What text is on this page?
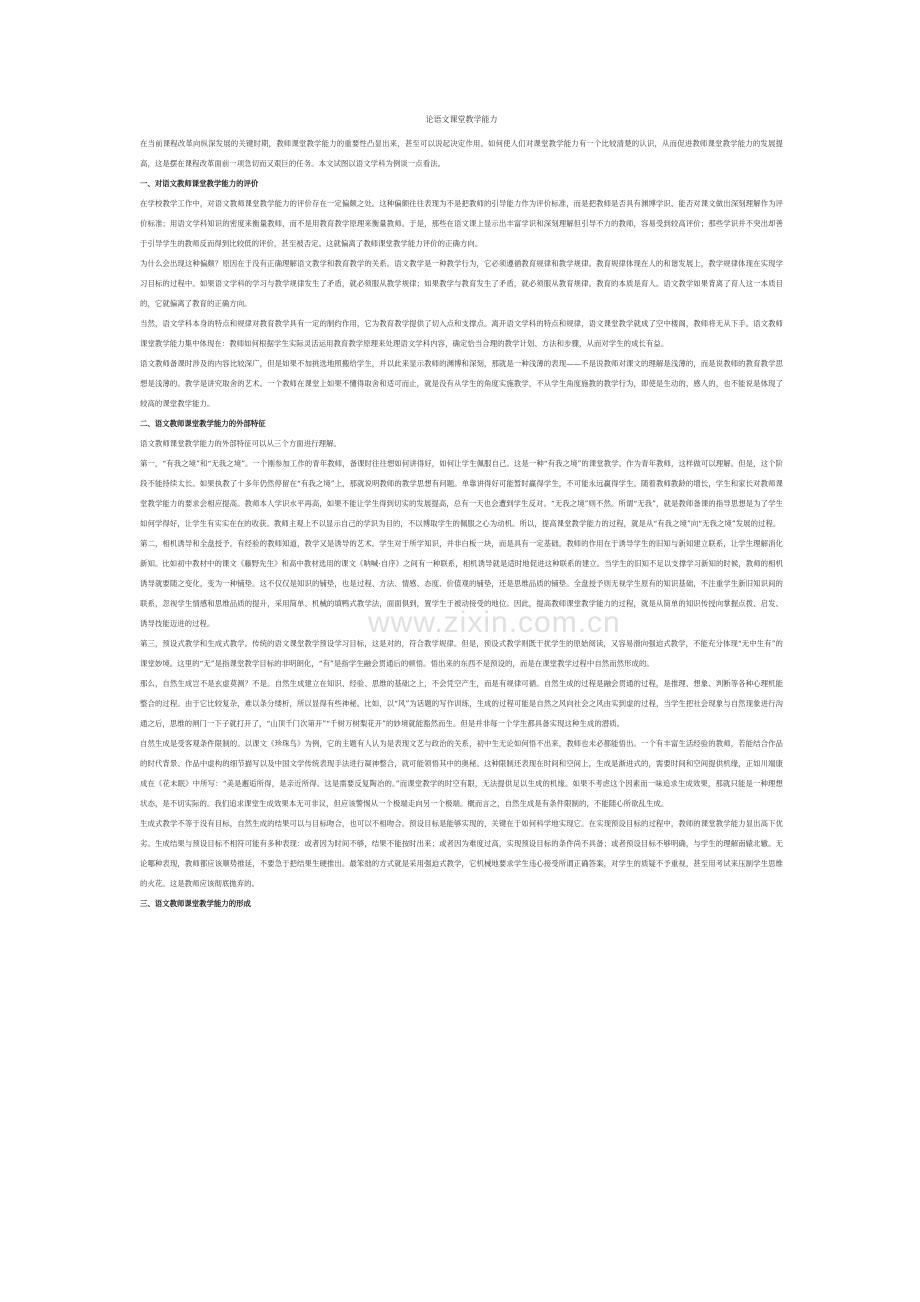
论语文课堂教学能力

在当前课程改革向纵深发展的关键时期，教师课堂教学能力的重要性凸显出来，甚至可以说起决定作用。如何使人们对课堂教学能力有一个比较清楚的认识，从而促进教师课堂教学能力的发展提高，这是摆在课程改革面前一项急切而又艰巨的任务。本文试图以语文学科为例谈一点看法。

一、对语文教师课堂教学能力的评价

在学校教学工作中，对语文教师课堂教学能力的评价存在一定偏颇之处。这种偏颇往往表现为不是把教师的引导能力作为评价标准，而是把教师是否具有渊博学识、能否对课文做出深刻理解作为评价标准；用语文学科知识的密度来衡量教师，而不是用教育教学原理来衡量教师。于是，那些在语文课上显示出丰富学识和深刻理解但引导不力的教师，容易受到较高评价；那些学识并不突出却善于引导学生的教师反而得到比较低的评价，甚至被否定。这就偏离了教师课堂教学能力评价的正确方向。

为什么会出现这种偏颇？原因在于没有正确理解语文教学和教育教学的关系。语文教学是一种教学行为，它必须遵循教育规律和教学规律。教育规律体现在人的和谐发展上，教学规律体现在实现学习目标的过程中。如果语文学科的学习与教学规律发生了矛盾，就必须服从教学规律；如果教学与教育发生了矛盾，就必须服从教育规律。教育的本质是育人。语文教学如果背离了育人这一本质目的，它就偏离了教育的正确方向。

当然，语文学科本身的特点和规律对教育教学具有一定的制约作用，它为教育教学提供了切入点和支撑点。离开语文学科的特点和规律，语文课堂教学就成了空中楼阁，教师将无从下手。语文教师课堂教学能力集中体现在：教师如何根据学生实际灵活运用教育教学原理来处理语文学科内容，确定恰当合理的教学计划、方法和步骤，从而对学生的成长有益。

语文教师备课时涉及的内容比较深广，但是如果不加挑选地照搬给学生，并以此来显示教师的渊博和深刻，那就是一种浅薄的表现——不是说教师对课文的理解是浅薄的，而是说教师的教育教学思想是浅薄的。教学是讲究取舍的艺术。一个教师在课堂上如果不懂得取舍和适可而止，就是没有从学生的角度实施教学，不从学生角度施教的教学行为，即使是生动的、感人的，也不能说是体现了较高的课堂教学能力。

二、语文教师课堂教学能力的外部特征

语文教师课堂教学能力的外部特征可以从三个方面进行理解。

第一，“有我之境”和“无我之境”。一个刚参加工作的青年教师，备课时往往想如何讲得好，如何让学生佩服自己。这是一种“有我之境”的课堂教学。作为青年教师，这样做可以理解。但是，这个阶段不能持续太长。如果执教了十多年仍然停留在“有我之境”上，那就说明教师的教学思想有问题。单靠讲得好可能暂时赢得学生，不可能永远赢得学生。随着教师教龄的增长，学生和家长对教师课堂教学能力的要求会相应提高。教师本人学识水平再高，如果不能让学生得到切实的发展提高，总有一天也会遭到学生反对。“无我之境”则不然。所谓“无我”，就是教师备课的指导思想是为了学生如何学得好，让学生有实实在在的收获。教师主观上不以显示自己的学识为目的，不以博取学生的佩服之心为动机。所以，提高课堂教学能力的过程，就是从“有我之境”向“无我之境”发展的过程。

第二，相机诱导和全盘授予。有经验的教师知道，教学又是诱导的艺术。学生对于所学知识，并非白板一块，而是具有一定基础。教师的作用在于诱导学生的旧知与新知建立联系，让学生理解消化新知。比如初中教材中的课文《藤野先生》和高中教材选用的课文《呐喊·自序》之间有一种联系，相机诱导就是适时地促进这种联系的建立。当学生的旧知不足以支撑学习新知的时候，教师的相机诱导就要随之变化，变为一种铺垫。这不仅仅是知识的铺垫，也是过程、方法、情感、态度、价值观的铺垫，还是思维品质的铺垫。全盘授予则无视学生原有的知识基础，不注重学生新旧知识间的联系，忽视学生情感和思维品质的提升，采用简单、机械的填鸭式教学法，面面俱到，置学生于被动接受的地位。因此，提高教师课堂教学能力的过程，就是从简单的知识传授向掌握点拨、启发、诱导技能迈进的过程。

第三，预设式教学和生成式教学。传统的语文课堂教学预设学习目标，这是对的，符合教学规律。但是，预设式教学则既干扰学生的原始阅读，又容易滑向强迫式教学，不能充分体现“无中生有”的课堂妙境。这里的“无”是指课堂教学目标的非明朗化，“有”是指学生融会贯通后的顿悟。悟出来的东西不是预设的，而是在课堂教学过程中自然而然形成的。

那么，自然生成岂不是玄虚莫测？不是。自然生成建立在知识、经验、思维的基础之上，不会凭空产生，而是有规律可循。自然生成的过程是融会贯通的过程，是推理、想象、判断等各种心理机能整合的过程。由于它比较复杂，难以条分缕析，所以显得有些神秘。比如，以“风”为话题的写作训练，生成的过程可能是自然之风向社会之风由实到虚的过程，当学生把社会现象与自然现象进行沟通之后，思维的闸门一下子就打开了，“山顶千门次第开”“千树万树梨花开”的妙境就能豁然而生。但是并非每一个学生都具备实现这种生成的潜质。

自然生成是受客观条件限制的。以课文《珍珠鸟》为例，它的主题有人认为是表现文艺与政治的关系，初中生无论如何悟不出来，教师也未必都能悟出。一个有丰富生活经验的教师，若能结合作品的时代背景、作品中虚构的细节描写以及中国文学传统表现手法进行凝神整合，就可能领悟其中的奥秘。这种限制还表现在时间和空间上，生成是渐进式的，需要时间和空间提供机缘，正如川端康成在《花未眠》中所写：“美是邂逅所得，是亲近所得。这是需要反复陶冶的。”而课堂教学的时空有限，无法提供足以生成的机缘。如果不考虑这个因素而一味追求生成效果，那就只能是一种理想状态，是不切实际的。我们追求课堂生成效果本无可非议，但应该警惕从一个极端走向另一个极端。概而言之，自然生成是有条件限制的，不能随心所欲乱生成。

生成式教学不等于没有目标，自然生成的结果可以与目标吻合，也可以不相吻合。预设目标是能够实现的，关键在于如何科学地实现它。在实现预设目标的过程中，教师的课堂教学能力显出高下优劣。生成结果与预设目标不相符可能有多种表现：或者因为时间不够，结果不能按时出来；或者因为难度过高，实现预设目标的条件尚不具备；或者预设目标不够明确，与学生的理解南辕北辙。无论哪种表现，教师都应该顺势推延，不要急于把结果生硬推出。最笨拙的方式就是采用强迫式教学，它机械地要求学生违心接受所谓正确答案，对学生的质疑不予重视，甚至用考试来压制学生思维的火花。这是教师应该彻底抛弃的。

三、语文教师课堂教学能力的形成

www.zixin.com.cn
